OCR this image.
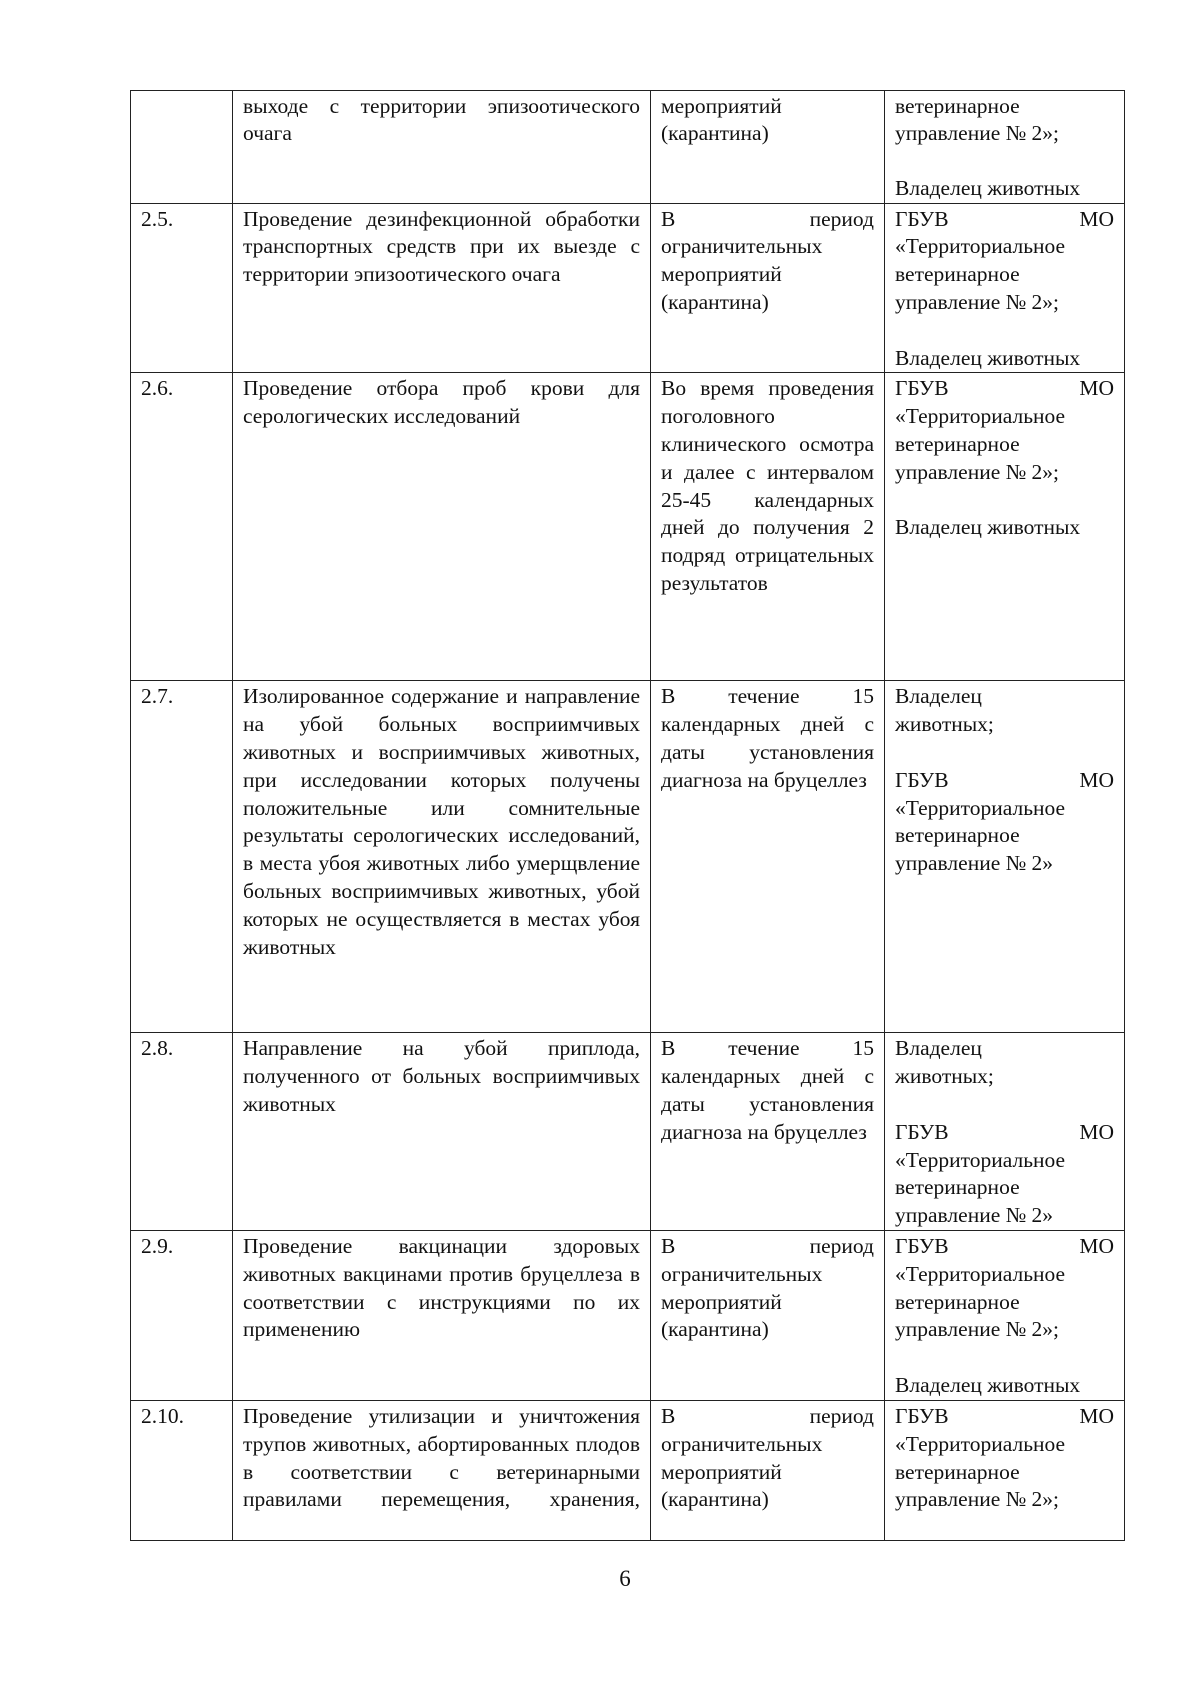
	выходе с территории эпизоотического очага	мероприятий (карантина)	ветеринарное управление № 2»;
Владелец животных

2.5.	Проведение дезинфекционной обработки транспортных средств при их выезде с территории эпизоотического очага	В период ограничительных мероприятий (карантина)	ГБУВ МО «Территориальное ветеринарное управление № 2»;
Владелец животных

2.6.	Проведение отбора проб крови для серологических исследований	Во время проведения поголовного клинического осмотра и далее с интервалом 25-45 календарных дней до получения 2 подряд отрицательных результатов	ГБУВ МО «Территориальное ветеринарное управление № 2»;
Владелец животных

2.7.	Изолированное содержание и направление на убой больных восприимчивых животных и восприимчивых животных, при исследовании которых получены положительные или сомнительные результаты серологических исследований, в места убоя животных либо умерщвление больных восприимчивых животных, убой которых не осуществляется в местах убоя животных	В течение 15 календарных дней с даты установления диагноза на бруцеллез	Владелец животных;
ГБУВ МО «Территориальное ветеринарное управление № 2»

2.8.	Направление на убой приплода, полученного от больных восприимчивых животных	В течение 15 календарных дней с даты установления диагноза на бруцеллез	Владелец животных;
ГБУВ МО «Территориальное ветеринарное управление № 2»

2.9.	Проведение вакцинации здоровых животных вакцинами против бруцеллеза в соответствии с инструкциями по их применению	В период ограничительных мероприятий (карантина)	ГБУВ МО «Территориальное ветеринарное управление № 2»;
Владелец животных

2.10.	Проведение утилизации и уничтожения трупов животных, абортированных плодов в соответствии с ветеринарными правилами перемещения, хранения,	В период ограничительных мероприятий (карантина)	ГБУВ МО «Территориальное ветеринарное управление № 2»;
6
